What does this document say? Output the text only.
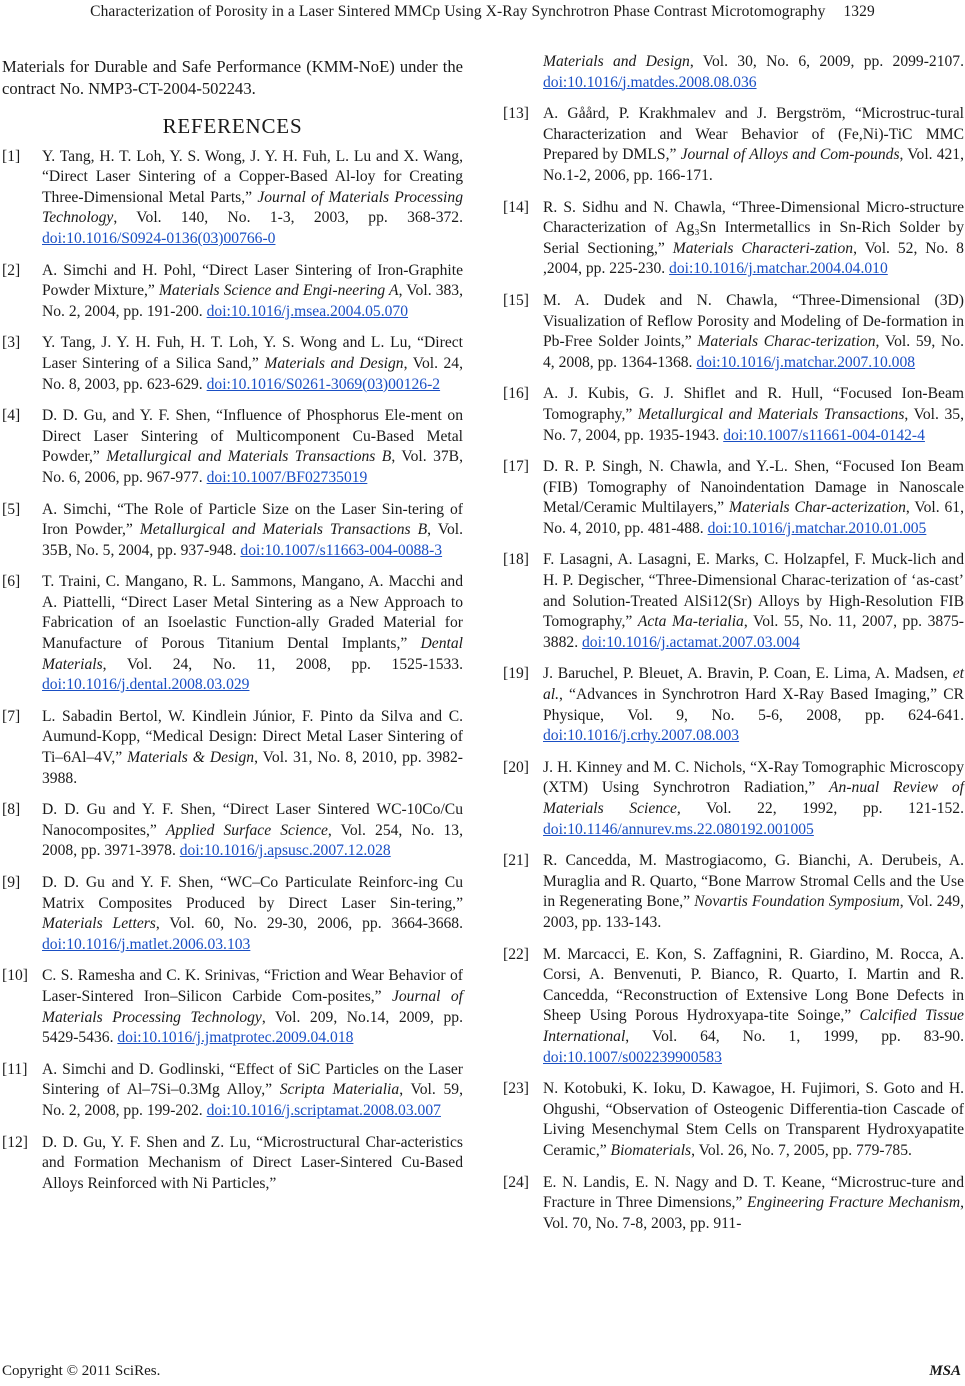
Characterization of Porosity in a Laser Sintered MMCp Using X-Ray Synchrotron Phase Contrast Microtomography 1329

Materials for Durable and Safe Performance (KMM-NoE) under the contract No. NMP3-CT-2004-502243.

REFERENCES
[1] Y. Tang, H. T. Loh, Y. S. Wong, J. Y. H. Fuh, L. Lu and X. Wang, “Direct Laser Sintering of a Copper-Based Al-loy for Creating Three-Dimensional Metal Parts,” Journal of Materials Processing Technology, Vol. 140, No. 1-3, 2003, pp. 368-372. doi:10.1016/S0924-0136(03)00766-0
[2] A. Simchi and H. Pohl, “Direct Laser Sintering of Iron-Graphite Powder Mixture,” Materials Science and Engi-neering A, Vol. 383, No. 2, 2004, pp. 191-200. doi:10.1016/j.msea.2004.05.070
[3] Y. Tang, J. Y. H. Fuh, H. T. Loh, Y. S. Wong and L. Lu, “Direct Laser Sintering of a Silica Sand,” Materials and Design, Vol. 24, No. 8, 2003, pp. 623-629. doi:10.1016/S0261-3069(03)00126-2
[4] D. D. Gu, and Y. F. Shen, “Influence of Phosphorus Ele-ment on Direct Laser Sintering of Multicomponent Cu-Based Metal Powder,” Metallurgical and Materials Transactions B, Vol. 37B, No. 6, 2006, pp. 967-977. doi:10.1007/BF02735019
[5] A. Simchi, “The Role of Particle Size on the Laser Sin-tering of Iron Powder,” Metallurgical and Materials Transactions B, Vol. 35B, No. 5, 2004, pp. 937-948. doi:10.1007/s11663-004-0088-3
[6] T. Traini, C. Mangano, R. L. Sammons, Mangano, A. Macchi and A. Piattelli, “Direct Laser Metal Sintering as a New Approach to Fabrication of an Isoelastic Function-ally Graded Material for Manufacture of Porous Titanium Dental Implants,” Dental Materials, Vol. 24, No. 11, 2008, pp. 1525-1533. doi:10.1016/j.dental.2008.03.029
[7] L. Sabadin Bertol, W. Kindlein Júnior, F. Pinto da Silva and C. Aumund-Kopp, “Medical Design: Direct Metal Laser Sintering of Ti–6Al–4V,” Materials & Design, Vol. 31, No. 8, 2010, pp. 3982-3988.
[8] D. D. Gu and Y. F. Shen, “Direct Laser Sintered WC-10Co/Cu Nanocomposites,” Applied Surface Science, Vol. 254, No. 13, 2008, pp. 3971-3978. doi:10.1016/j.apsusc.2007.12.028
[9] D. D. Gu and Y. F. Shen, “WC–Co Particulate Reinforc-ing Cu Matrix Composites Produced by Direct Laser Sin-tering,” Materials Letters, Vol. 60, No. 29-30, 2006, pp. 3664-3668. doi:10.1016/j.matlet.2006.03.103
[10] C. S. Ramesha and C. K. Srinivas, “Friction and Wear Behavior of Laser-Sintered Iron–Silicon Carbide Com-posites,” Journal of Materials Processing Technology, Vol. 209, No.14, 2009, pp. 5429-5436. doi:10.1016/j.jmatprotec.2009.04.018
[11] A. Simchi and D. Godlinski, “Effect of SiC Particles on the Laser Sintering of Al–7Si–0.3Mg Alloy,” Scripta Materialia, Vol. 59, No. 2, 2008, pp. 199-202. doi:10.1016/j.scriptamat.2008.03.007
[12] D. D. Gu, Y. F. Shen and Z. Lu, “Microstructural Char-acteristics and Formation Mechanism of Direct Laser-Sintered Cu-Based Alloys Reinforced with Ni Particles,”
Materials and Design, Vol. 30, No. 6, 2009, pp. 2099-2107. doi:10.1016/j.matdes.2008.08.036
[13] A. Gåård, P. Krakhmalev and J. Bergström, “Microstruc-tural Characterization and Wear Behavior of (Fe,Ni)-TiC MMC Prepared by DMLS,” Journal of Alloys and Com-pounds, Vol. 421, No.1-2, 2006, pp. 166-171.
[14] R. S. Sidhu and N. Chawla, “Three-Dimensional Micro-structure Characterization of Ag₃Sn Intermetallics in Sn-Rich Solder by Serial Sectioning,” Materials Characteri-zation, Vol. 52, No. 8 ,2004, pp. 225-230. doi:10.1016/j.matchar.2004.04.010
[15] M. A. Dudek and N. Chawla, “Three-Dimensional (3D) Visualization of Reflow Porosity and Modeling of De-formation in Pb-Free Solder Joints,” Materials Charac-terization, Vol. 59, No. 4, 2008, pp. 1364-1368. doi:10.1016/j.matchar.2007.10.008
[16] A. J. Kubis, G. J. Shiflet and R. Hull, “Focused Ion-Beam Tomography,” Metallurgical and Materials Transactions, Vol. 35, No. 7, 2004, pp. 1935-1943. doi:10.1007/s11661-004-0142-4
[17] D. R. P. Singh, N. Chawla, and Y.-L. Shen, “Focused Ion Beam (FIB) Tomography of Nanoindentation Damage in Nanoscale Metal/Ceramic Multilayers,” Materials Char-acterization, Vol. 61, No. 4, 2010, pp. 481-488. doi:10.1016/j.matchar.2010.01.005
[18] F. Lasagni, A. Lasagni, E. Marks, C. Holzapfel, F. Muck-lich and H. P. Degischer, “Three-Dimensional Charac-terization of ‘as-cast’ and Solution-Treated AlSi12(Sr) Alloys by High-Resolution FIB Tomography,” Acta Ma-terialia, Vol. 55, No. 11, 2007, pp. 3875-3882. doi:10.1016/j.actamat.2007.03.004
[19] J. Baruchel, P. Bleuet, A. Bravin, P. Coan, E. Lima, A. Madsen, et al., “Advances in Synchrotron Hard X-Ray Based Imaging,” CR Physique, Vol. 9, No. 5-6, 2008, pp. 624-641. doi:10.1016/j.crhy.2007.08.003
[20] J. H. Kinney and M. C. Nichols, “X-Ray Tomographic Microscopy (XTM) Using Synchrotron Radiation,” An-nual Review of Materials Science, Vol. 22, 1992, pp. 121-152. doi:10.1146/annurev.ms.22.080192.001005
[21] R. Cancedda, M. Mastrogiacomo, G. Bianchi, A. Derubeis, A. Muraglia and R. Quarto, “Bone Marrow Stromal Cells and the Use in Regenerating Bone,” Novartis Foundation Symposium, Vol. 249, 2003, pp. 133-143.
[22] M. Marcacci, E. Kon, S. Zaffagnini, R. Giardino, M. Rocca, A. Corsi, A. Benvenuti, P. Bianco, R. Quarto, I. Martin and R. Cancedda, “Reconstruction of Extensive Long Bone Defects in Sheep Using Porous Hydroxyapa-tite Soinge,” Calcified Tissue International, Vol. 64, No. 1, 1999, pp. 83-90. doi:10.1007/s002239900583
[23] N. Kotobuki, K. Ioku, D. Kawagoe, H. Fujimori, S. Goto and H. Ohgushi, “Observation of Osteogenic Differentia-tion Cascade of Living Mesenchymal Stem Cells on Transparent Hydroxyapatite Ceramic,” Biomaterials, Vol. 26, No. 7, 2005, pp. 779-785.
[24] E. N. Landis, E. N. Nagy and D. T. Keane, “Microstruc-ture and Fracture in Three Dimensions,” Engineering Fracture Mechanism, Vol. 70, No. 7-8, 2003, pp. 911-
Copyright © 2011 SciRes.	MSA
